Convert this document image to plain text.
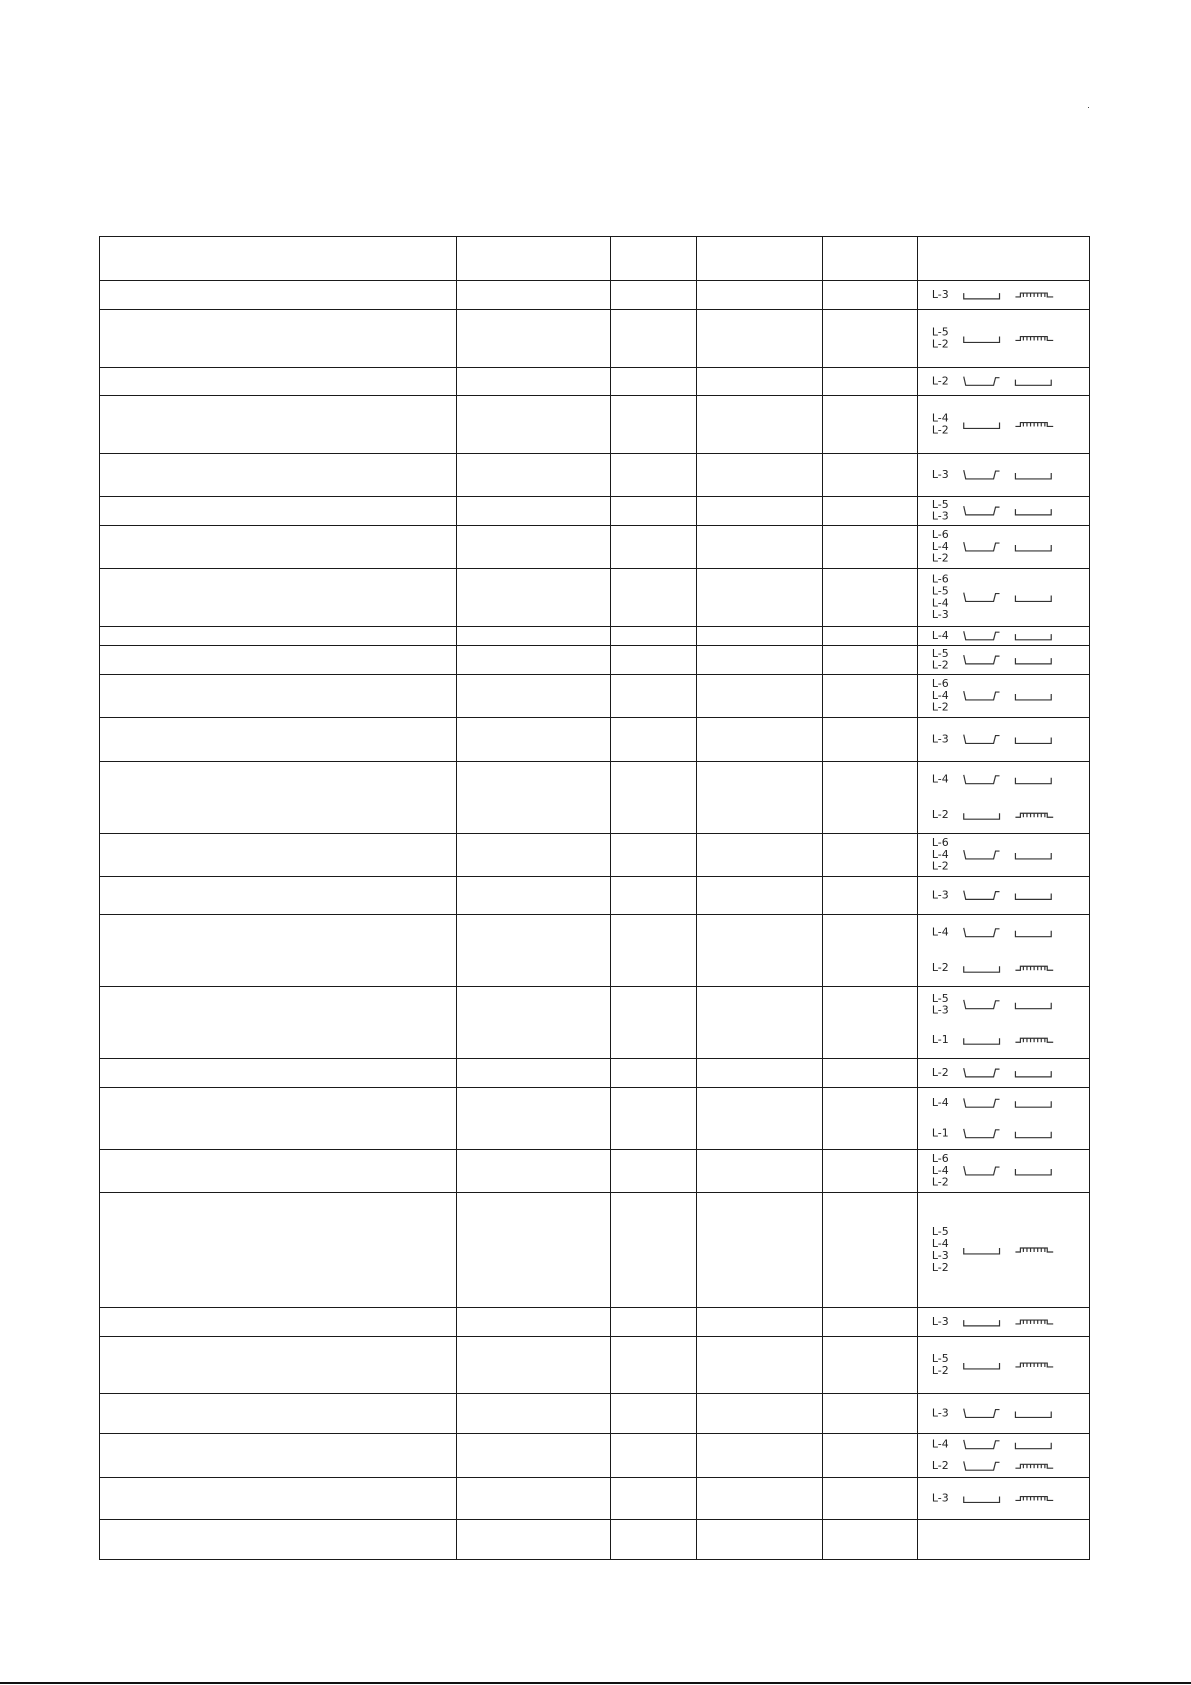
L-3

L-5
L-2

L-2

L-4
L-2

L-3

L-5
L-3

L-6
L-4
L-2

L-6
L-5
L-4
L-3

L-4

L-5
L-2

L-6
L-4
L-2

L-3

L-4
L-2

L-6
L-4
L-2

L-3

L-4
L-2

L-5
L-3
L-1

L-2

L-4
L-1

L-6
L-4
L-2

L-5
L-4
L-3
L-2

L-3

L-5
L-2

L-3

L-4
L-2

L-3
